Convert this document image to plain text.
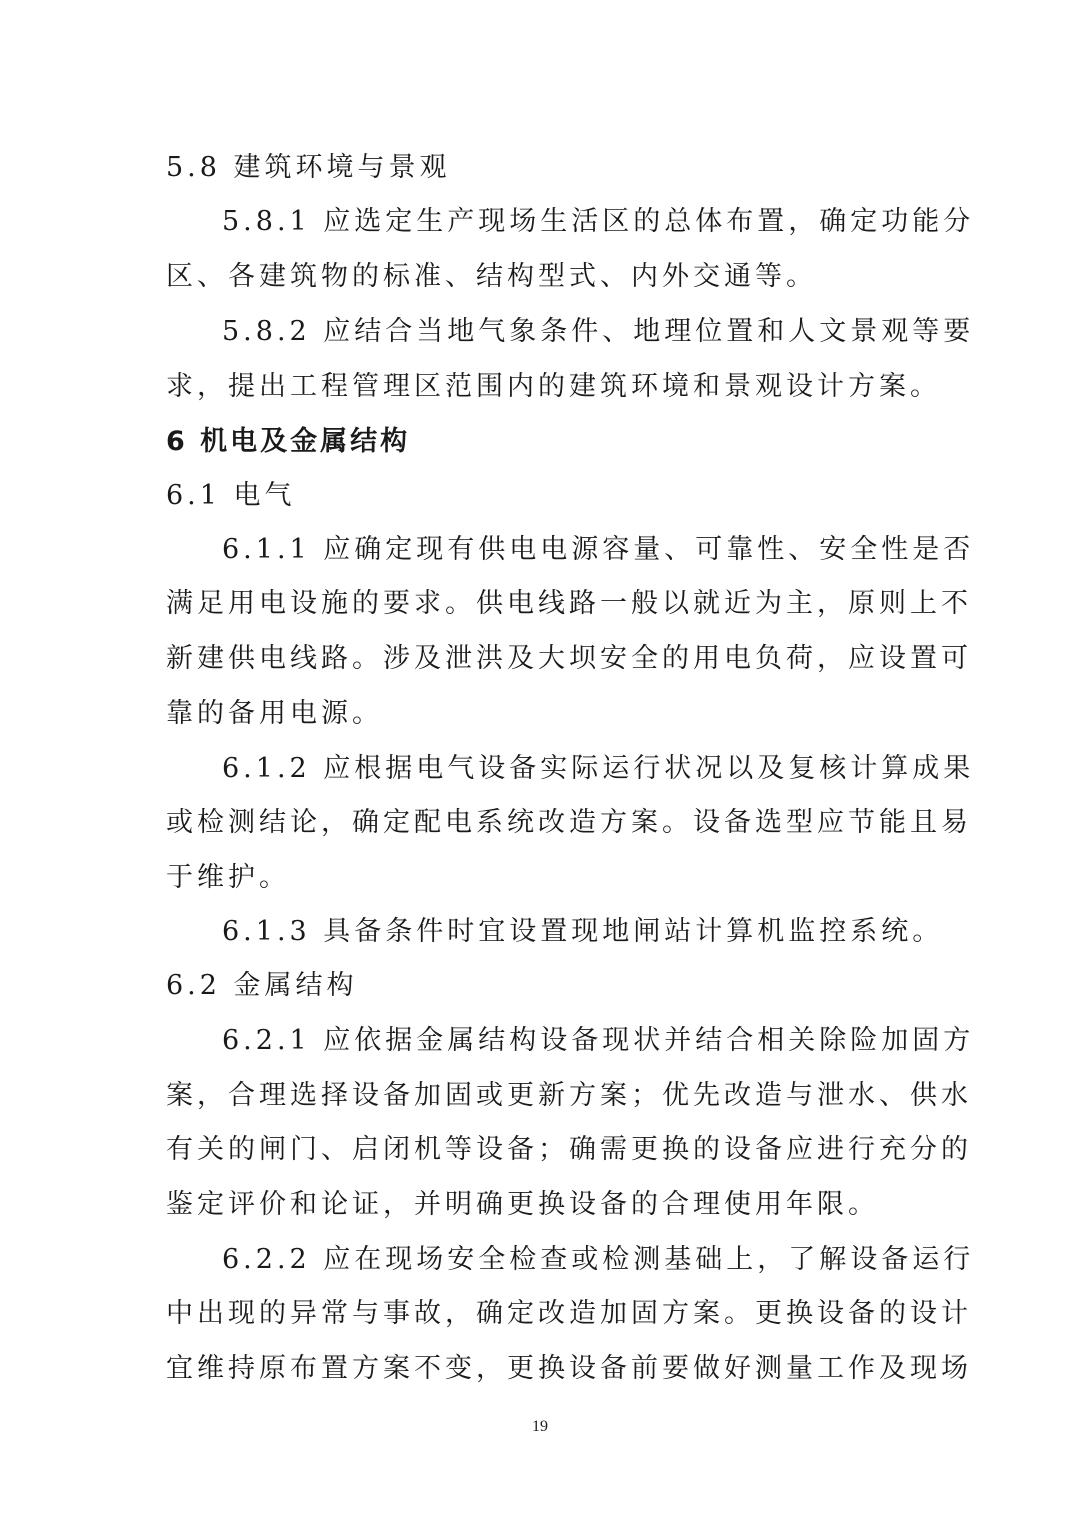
5.8 建筑环境与景观
5.8.1 应选定生产现场生活区的总体布置，确定功能分
区、各建筑物的标准、结构型式、内外交通等。
5.8.2 应结合当地气象条件、地理位置和人文景观等要
求，提出工程管理区范围内的建筑环境和景观设计方案。
6 机电及金属结构
6.1 电气
6.1.1 应确定现有供电电源容量、可靠性、安全性是否
满足用电设施的要求。供电线路一般以就近为主，原则上不
新建供电线路。涉及泄洪及大坝安全的用电负荷，应设置可
靠的备用电源。
6.1.2 应根据电气设备实际运行状况以及复核计算成果
或检测结论，确定配电系统改造方案。设备选型应节能且易
于维护。
6.1.3 具备条件时宜设置现地闸站计算机监控系统。
6.2 金属结构
6.2.1 应依据金属结构设备现状并结合相关除险加固方
案，合理选择设备加固或更新方案；优先改造与泄水、供水
有关的闸门、启闭机等设备；确需更换的设备应进行充分的
鉴定评价和论证，并明确更换设备的合理使用年限。
6.2.2 应在现场安全检查或检测基础上，了解设备运行
中出现的异常与事故，确定改造加固方案。更换设备的设计
宜维持原布置方案不变，更换设备前要做好测量工作及现场
19
